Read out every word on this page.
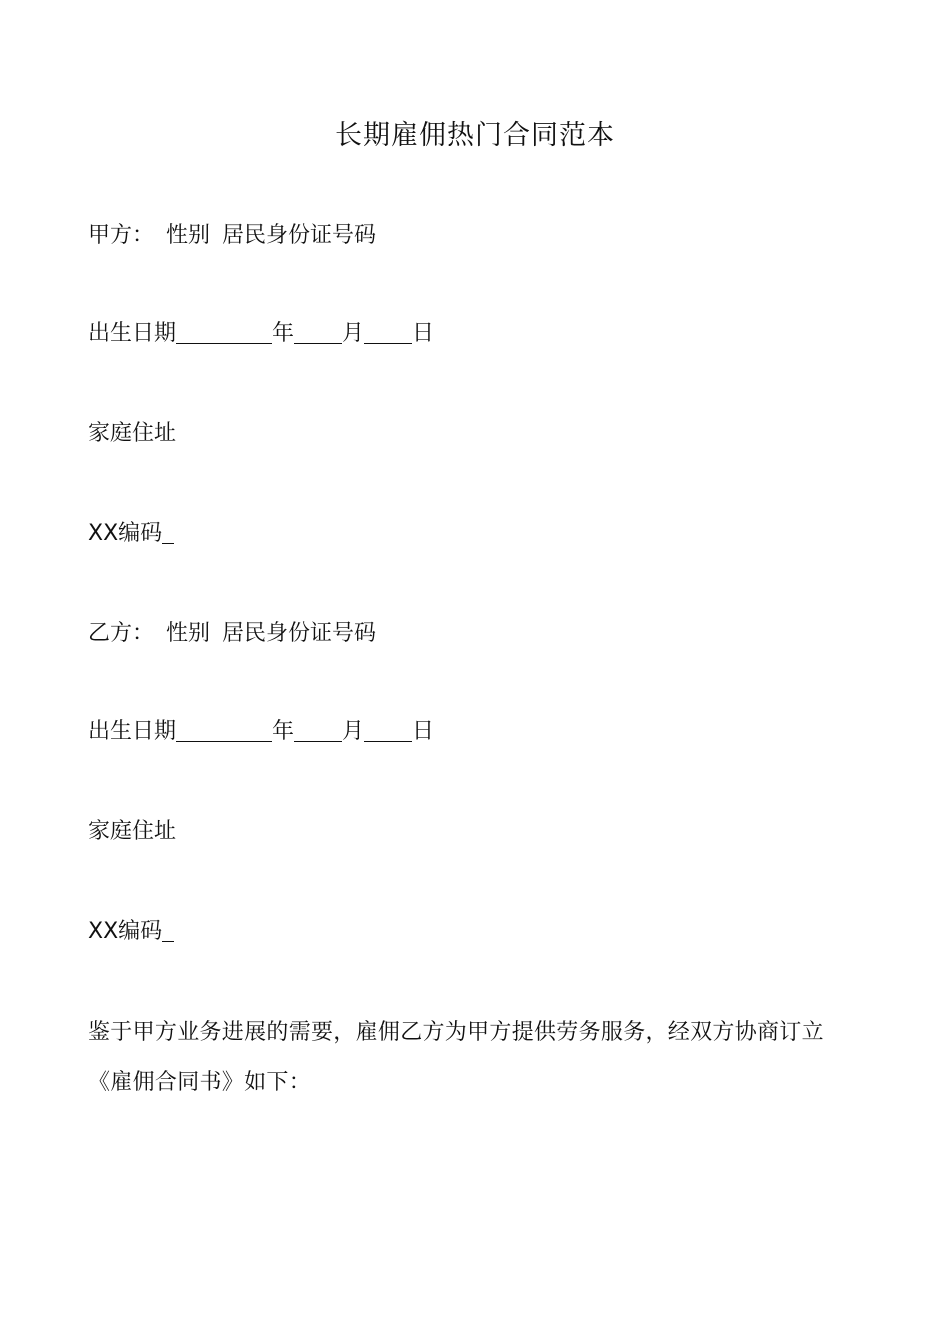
长期雇佣热门合同范本
甲方： 性别 居民身份证号码
出生日期	年 月 日
家庭住址
XX编码
乙方： 性别 居民身份证号码
出生日期	年 月 日
家庭住址
XX编码
鉴于甲方业务进展的需要，雇佣乙方为甲方提供劳务服务，经双方协商订立《雇佣合同书》如下：
